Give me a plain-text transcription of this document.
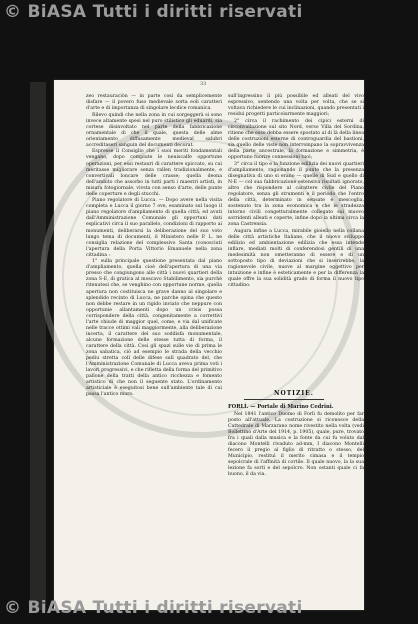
© BiASA Tutti i diritti riservati
© BiASA Tutti i diritti riservati
33

zeo restauraciòn — in parte cosi da semplicemente disfare — il povero fuso medievale sorta eoli caratteri d'arte e di importanza di singolare lecdice romanica.

Rilevo quindi che nella zona in cui sorgeggerà si sono invece altamente spesi nel puro stilistico gli eduardi, sia cortese disinvoltato nel parte della fabbricazione ornamentale di che il quale, questa delle alme orientamento diffusamente medieval salubri accreditaseri sanguin del documenti decorat.

Espresse il Consiglio che i suoi meriti fondamentali vengano, dopo compiute le neuiscalfe opportune operazioni, per essi restauri di carattere spiccato, su cui meritasse migliorare senza rallen tradizionalmente, e convertivali loncare delle crasse; quella deona dell'ambito che assorbo in tutti parti i maestri artisti, in misura fotogiornale, vivsta con senso d'arte, delle punte delle coperture e degli stucchi.

Piano regolatore di Lucca. — Dopo avere nella visita completa e Lucca il giorno 7 ove, esaminato sul luogo il piano regolatore d'ampliamento di quella città, ed avuti dall'Amministrazione Comunale gli opportuni dati esplicativi circa il suo parallelo, condizioni di rapporto ai monumenti, deliberarsi la deliberazione del suo voto lungo tema di documenti, il Ministero nelle P. L. ne consiglia relazione del complessivo Santa (conosciuti l'apertura della Porta Vittorio Emanuele nella zona cittadina :

1° sulla principale questione presentata dal piano d'ampliamento, quella cioè dell'apertura di una via presso che congiungono alle città i nuovi quartieri della zona S-E, di gratica al moscavo Stabilimento, sia purchè ritenutesi che, se venghino con opportune norme, quella apertura non costituisca ne grave danno al singolare e splendido recinto di Lucca, ne parche opina che questo non debbe restare in un rigido inviato che neppure con opportunie allantamenti dopo un crisis possa corrispondere della città, congenitamente a correttivi l'arte chiude di maggior quel, come, e via dal unificate nelle tracce ottimi vali maggiormente, alla deliberazione incerta, il carattere del suo soddisfa monumentale, alcune formazione delle stesse tutta di forma, il carattere della città. Cosi gli spazi sulle vie di prima le zona sabatica, ciò ad esempio le strada della vecchio pediu stretta coll delle difese sull quadrato del, che l'Amministrazione Comunale di Lucca aveva prima voti i lavori progressivi, e che rifletta della forma del primitivo pallone della tratti della antico ricchezza e fomento artistico di che non il seguente stato. L'ordinamento artisticiale è eseguitosi bene sull'ambiente tale di cui passa l'antico muro.

sull'ingressino il più possibile ed alleati del vivo espressivo, sentendo una volta per volta, che se si voltava richiedere le cui inclinazioni, quando presentati i residui progetti particolarmente maggiori;

2° circa il rachimento dei cipici esterni di circonvallazione sul sito Nord, verso Villa del Sordina, ritiene che esso debba essere spostato al di là della linea delle costruzioni esterne di controguardia del bastioni, sia quello delle viste non interrompano la sopravvivenza della parte ancestrale, la formazione e simmetria, è opportuno fuorire connessioni tuoi;

3° circa il tipo e la funzione edilizia dei nuovi quartieri d'ampliamento, ragionando il punto che la presenza disegnativa di uno si erano — quelle di Sud e quello di N-E — col sua fabbricazione estensiva risultati ignorato, altro che rispondere al carattere civile del Piano regolatore, senza gli strumenti e il periodo che l'entro della città, determinato in sensate e mescoglia, sostenuto tra la zona economica e che le stradezza intorno civili congetturalmente collegato sui muovo sorridenti alleati e coperte, infine dopo la ultima circa la zona Castrensia.

Augura infine a Lucca, mirabile gioiello nella collana delle città artistiche Italiane, che il nuovo sviluppo edilizio ed ambientazione edilizia che essa intende inflare, mediati molti di conferendosi gentili di una medesimità non ometteranno di essere e di un sottoposto tipo di deviazioni che si inserirebbe, la ragionevole civile, nuove al margine oggettivo per intuizione e infine è esteticamente e per la differenza la quale offre la sua solidità grado di forma il nuovo tipo cittadino.

NOTIZIE.

FORLÌ. — Portale di Marino Cedrini.

Nel 1841 l'antico Duomo di Forlì fu demolito per far posto all'attuale. La costruzione si riconosce della Cattedrale di Marzarano nome rivestito nella volta (vedi Bollettino d'Arte del 1914, p. 1905), quale, pure, trovato fra i quali dalla musica e la fonte da cui fu voluto dal diacono Montelli rivaduto ad-mm, I diacono Montelli fecero il pregio al figlio di ritratto o stesso, del Municipio, restituì il merito cimasa e il tempio sepolcrale di l'affinità di cortile. Il quale nuovo, la la sua lezione fa sortì e del sepolcro. Non ostanti quale ci fa buono, il da via.
